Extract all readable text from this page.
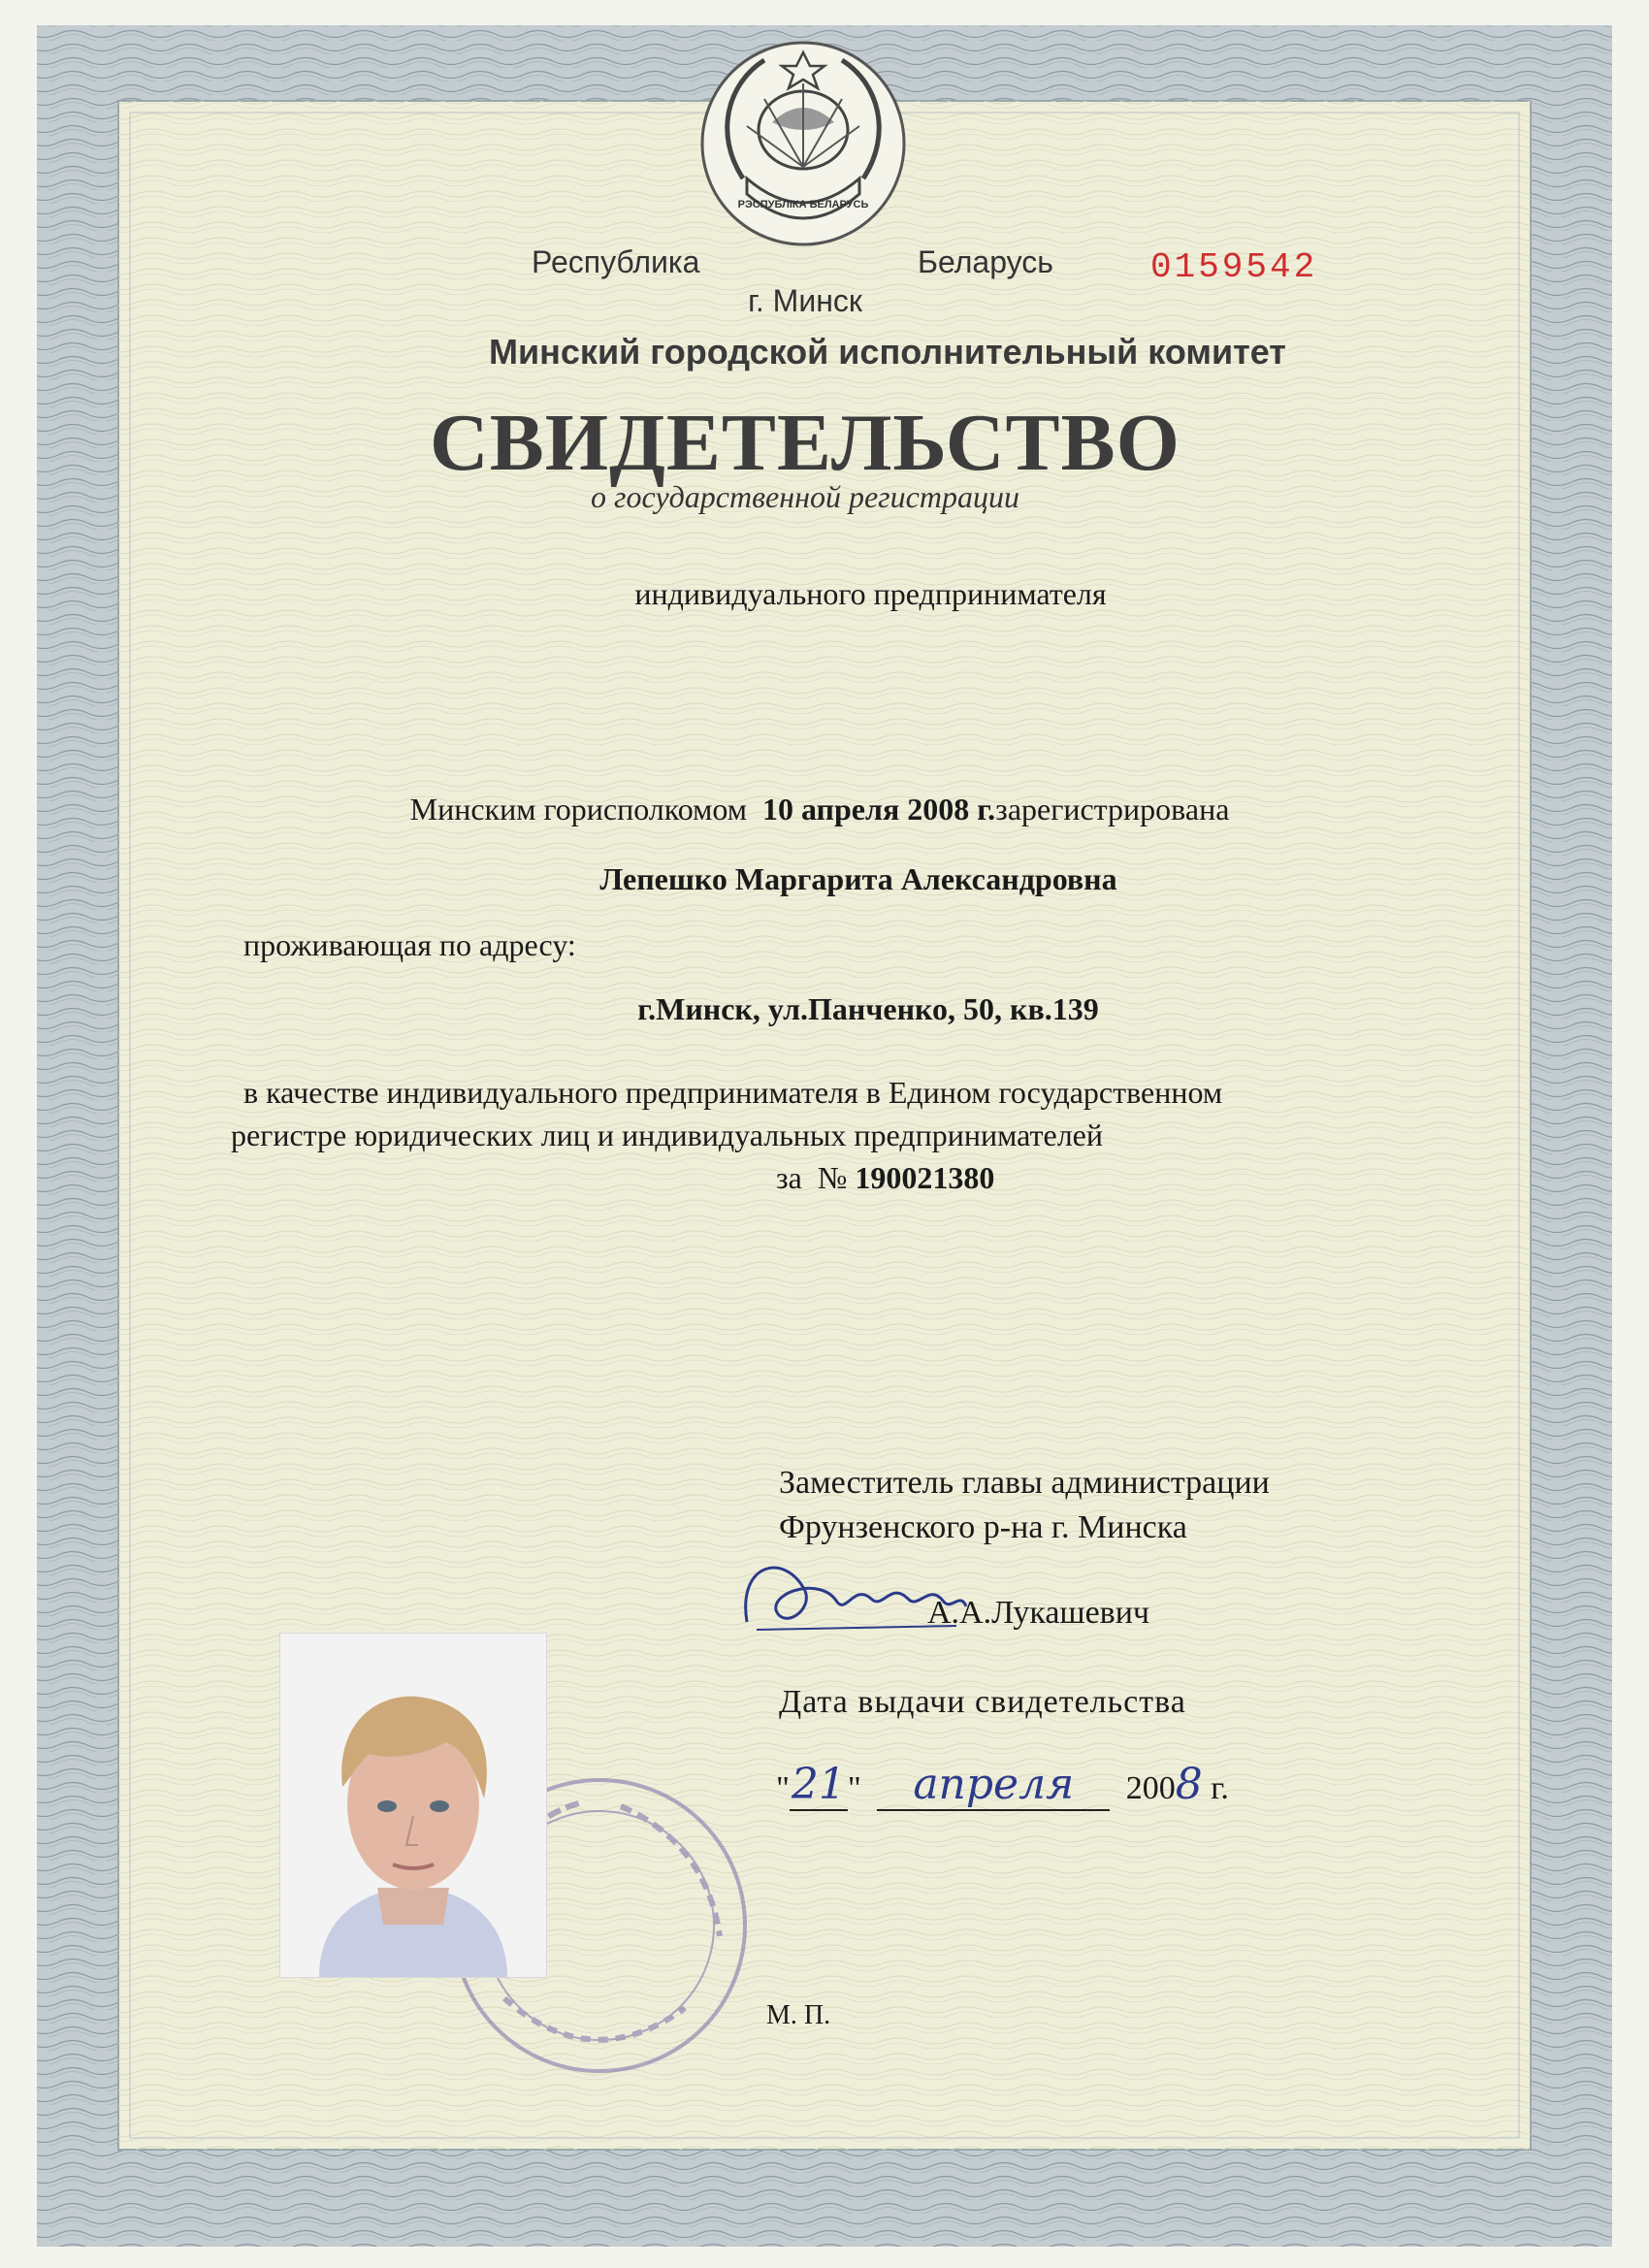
РЭСПУБЛІКА БЕЛАРУСЬ
Республика	Беларусь	0159542
г. Минск
Минский городской исполнительный комитет
СВИДЕТЕЛЬСТВО
о государственной регистрации
индивидуального предпринимателя
Минским горисполкомом 10 апреля 2008 г.зарегистрирована
Лепешко Маргарита Александровна
проживающая по адресу:
г.Минск, ул.Панченко, 50, кв.139
в качестве индивидуального предпринимателя в Едином государственном
регистре юридических лиц и индивидуальных предпринимателей
за № 190021380
Заместитель главы администрации
Фрунзенского р-на г. Минска
А.А.Лукашевич
Дата выдачи свидетельства
"21" апреля 2008 г.
М. П.
